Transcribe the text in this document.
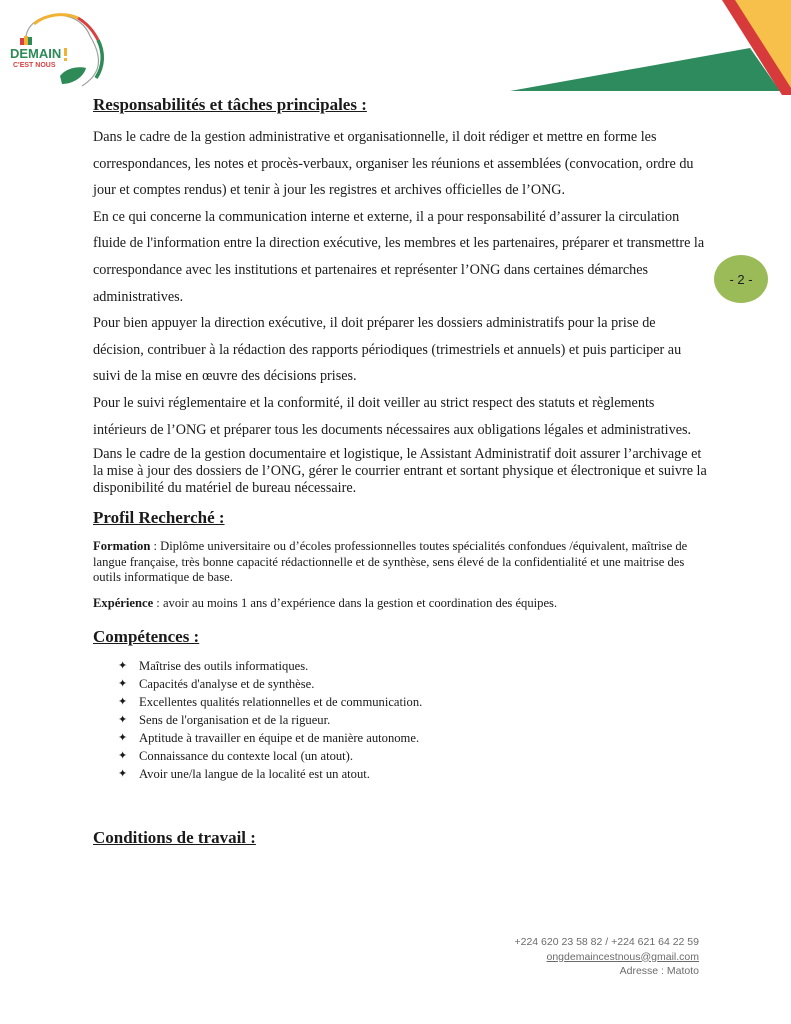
DEMAIN
C'EST NOUS
- 2 -
Responsabilités et tâches principales :

Dans le cadre de la gestion administrative et organisationnelle, il doit rédiger et mettre en forme les correspondances, les notes et procès-verbaux, organiser les réunions et assemblées (convocation, ordre du jour et comptes rendus) et tenir à jour les registres et archives officielles de l’ONG.

En ce qui concerne la communication interne et externe, il a pour responsabilité d’assurer la circulation fluide de l'information entre la direction exécutive, les membres et les partenaires, préparer et transmettre la correspondance avec les institutions et partenaires et représenter l’ONG dans certaines démarches administratives.

Pour bien appuyer la direction exécutive, il doit préparer les dossiers administratifs pour la prise de décision, contribuer à la rédaction des rapports périodiques (trimestriels et annuels) et puis participer au suivi de la mise en œuvre des décisions prises.

Pour le suivi réglementaire et la conformité, il doit veiller au strict respect des statuts et règlements intérieurs de l’ONG et préparer tous les documents nécessaires aux obligations légales et administratives.

Dans le cadre de la gestion documentaire et logistique, le Assistant Administratif doit assurer l’archivage et la mise à jour des dossiers de l’ONG, gérer le courrier entrant et sortant physique et électronique et suivre la disponibilité du matériel de bureau nécessaire.

Profil Recherché :

Formation : Diplôme universitaire ou d’écoles professionnelles toutes spécialités confondues /équivalent, maîtrise de langue française, très bonne capacité rédactionnelle et de synthèse, sens élevé de la confidentialité et une maitrise des outils informatique de base.

Expérience : avoir au moins 1 ans d’expérience dans la gestion et coordination des équipes.

Compétences :
✦ Maîtrise des outils informatiques.
✦ Capacités d'analyse et de synthèse.
✦ Excellentes qualités relationnelles et de communication.
✦ Sens de l'organisation et de la rigueur.
✦ Aptitude à travailler en équipe et de manière autonome.
✦ Connaissance du contexte local (un atout).
✦ Avoir une/la langue de la localité est un atout.
Conditions de travail :
+224 620 23 58 82 / +224 621 64 22 59
ongdemaincestnous@gmail.com
Adresse : Matoto
